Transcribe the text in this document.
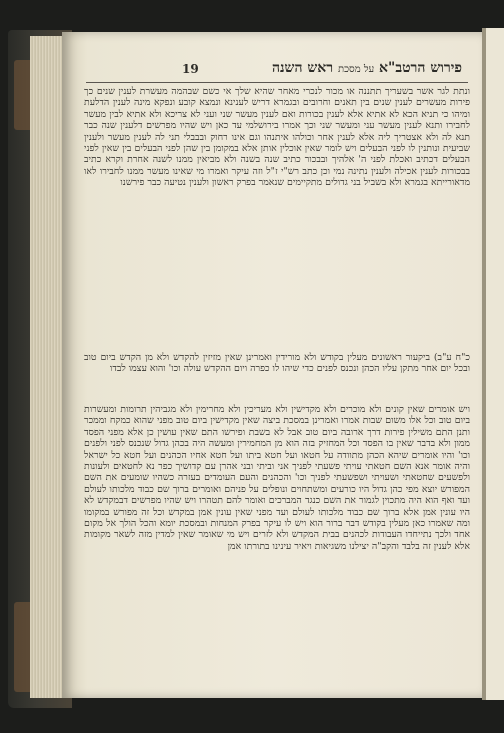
19	פירוש הרטב"א על מסכת ראש השנה
ונתת לגר אשר בשעריך תתננה או מכור לנכרי מאחר שהיא שלך אי כשם שבהמה מעשרת לענין שנים כך פירות מעשרים לענין שנים בין תאנים וחרובים ובגמרא דריש לענינא ונמצא קובע ונפקא מינה לענין הדלעת ומיהו כי תניא הכא לא אתיא אלא לענין בכורות ואם לענין מעשר שני ועני לא צריכא ולא אתיא לבין מעשר לחבירו ותנא לענין מעשר עני ומעשר שני וכך אמרו בירושלמי עד כאן ויש שהיו מפרשים דלענין שנה כבר תנא לה ולא אצטריך ליה אלא לענין אחר וכולהו איתנהו וגם אינו רחוק ובבבלי תני לה לענין מעשר ולענין שביעית ונותנין לו לפני הבעלים ויש לומר שאין אוכלין אותן אלא במקומן בין שהן לפני הבעלים בין שאין לפני הבעלים דכתיב ואכלת לפני ה' אלהיך ובבכור כתיב שנה בשנה ולא מביאין ממנו לשנה אחרת וקרא כתיב בבכורות לענין אכילה ולענין נתינה נמי וכן כתב רש"י ז"ל וזה עיקר ואמרו מי שאינו מעשר ממנו לחבירו לאו מדאורייתא בגמרא ולא בשביל בני גדולים מתקיימים שנאמר בפרק ראשון ולענין נטיעה כבר פירשנו
כ"ח ע"ב) ביקעור ראשונים מעלין בקודש ולא מורידין ואמרינן שאין מזיזין להקדש ולא מן הקדש ביום טוב ובכל יום אחר מתקן עליו הכהן ונכנס לפנים כדי שיהו לו כפרה ויום ההקדש עולה וכו' והוא עצמו לבדו
ויש אומרים שאין קונים ולא מוכרים ולא מקדישין ולא מעריכין ולא מחרימין ולא מגביהין תרומות ומעשרות ביום טוב וכל אלו משום שבות אמרו ואמרינן במסכת ביצה שאין מקדישין ביום טוב מפני שהוא כמקח וממכר ותנן התם משילין פירות דרך ארובה ביום טוב אבל לא בשבת ופירשו התם שאין עושין כן אלא מפני הפסד ממון ולא בדבר שאין בו הפסד וכל המחזיק בזה הוא מן המחמירין ומעשה היה בכהן גדול שנכנס לפני ולפנים וכו' והיו אומרים שיהא הכהן מתוודה על חטאו ועל חטא ביתו ועל חטא אחיו הכהנים ועל חטא כל ישראל והיה אומר אנא השם חטאתי עויתי פשעתי לפניך אני וביתי ובני אהרן עם קדושיך כפר נא לחטאים ולעונות ולפשעים שחטאתי ושעויתי ושפשעתי לפניך וכו' והכהנים והעם העומדים בעזרה כשהיו שומעים את השם המפורש יוצא מפי כהן גדול היו כורעים ומשתחוים ונופלים על פניהם ואומרים ברוך שם כבוד מלכותו לעולם ועד ואף הוא היה מתכוין לגמור את השם כנגד המברכים ואומר להם תטהרו ויש שהיו מפרשים דבמקדש לא היו עונין אמן אלא ברוך שם כבוד מלכותו לעולם ועד מפני שאין עונין אמן במקדש וכל זה מפורש במקומו ומה שאמרו כאן מעלין בקודש דבר ברור הוא ויש לו עיקר בפרק המנחות ובמסכת יומא והכל הולך אל מקום אחד ולכך נתייחדו העבודות לכהנים בבית המקדש ולא לזרים ויש מי שאומר שאין למדין מזה לשאר מקומות אלא לענין זה בלבד והקב"ה יצילנו משגיאות ויאיר עינינו בתורתו אמן
